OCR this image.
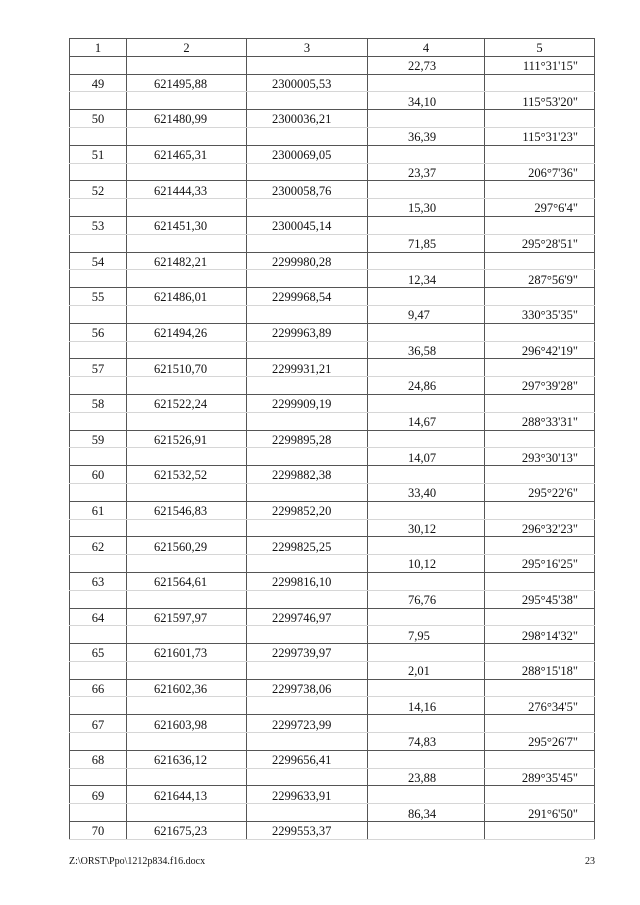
1	2	3	4	5
			22,73	111°31'15"
49	621495,88	2300005,53		
			34,10	115°53'20"
50	621480,99	2300036,21		
			36,39	115°31'23"
51	621465,31	2300069,05		
			23,37	206°7'36"
52	621444,33	2300058,76		
			15,30	297°6'4"
53	621451,30	2300045,14		
			71,85	295°28'51"
54	621482,21	2299980,28		
			12,34	287°56'9"
55	621486,01	2299968,54		
			9,47	330°35'35"
56	621494,26	2299963,89		
			36,58	296°42'19"
57	621510,70	2299931,21		
			24,86	297°39'28"
58	621522,24	2299909,19		
			14,67	288°33'31"
59	621526,91	2299895,28		
			14,07	293°30'13"
60	621532,52	2299882,38		
			33,40	295°22'6"
61	621546,83	2299852,20		
			30,12	296°32'23"
62	621560,29	2299825,25		
			10,12	295°16'25"
63	621564,61	2299816,10		
			76,76	295°45'38"
64	621597,97	2299746,97		
			7,95	298°14'32"
65	621601,73	2299739,97		
			2,01	288°15'18"
66	621602,36	2299738,06		
			14,16	276°34'5"
67	621603,98	2299723,99		
			74,83	295°26'7"
68	621636,12	2299656,41		
			23,88	289°35'45"
69	621644,13	2299633,91		
			86,34	291°6'50"
70	621675,23	2299553,37		
Z:\ORST\Ppo\1212p834.f16.docx	23
